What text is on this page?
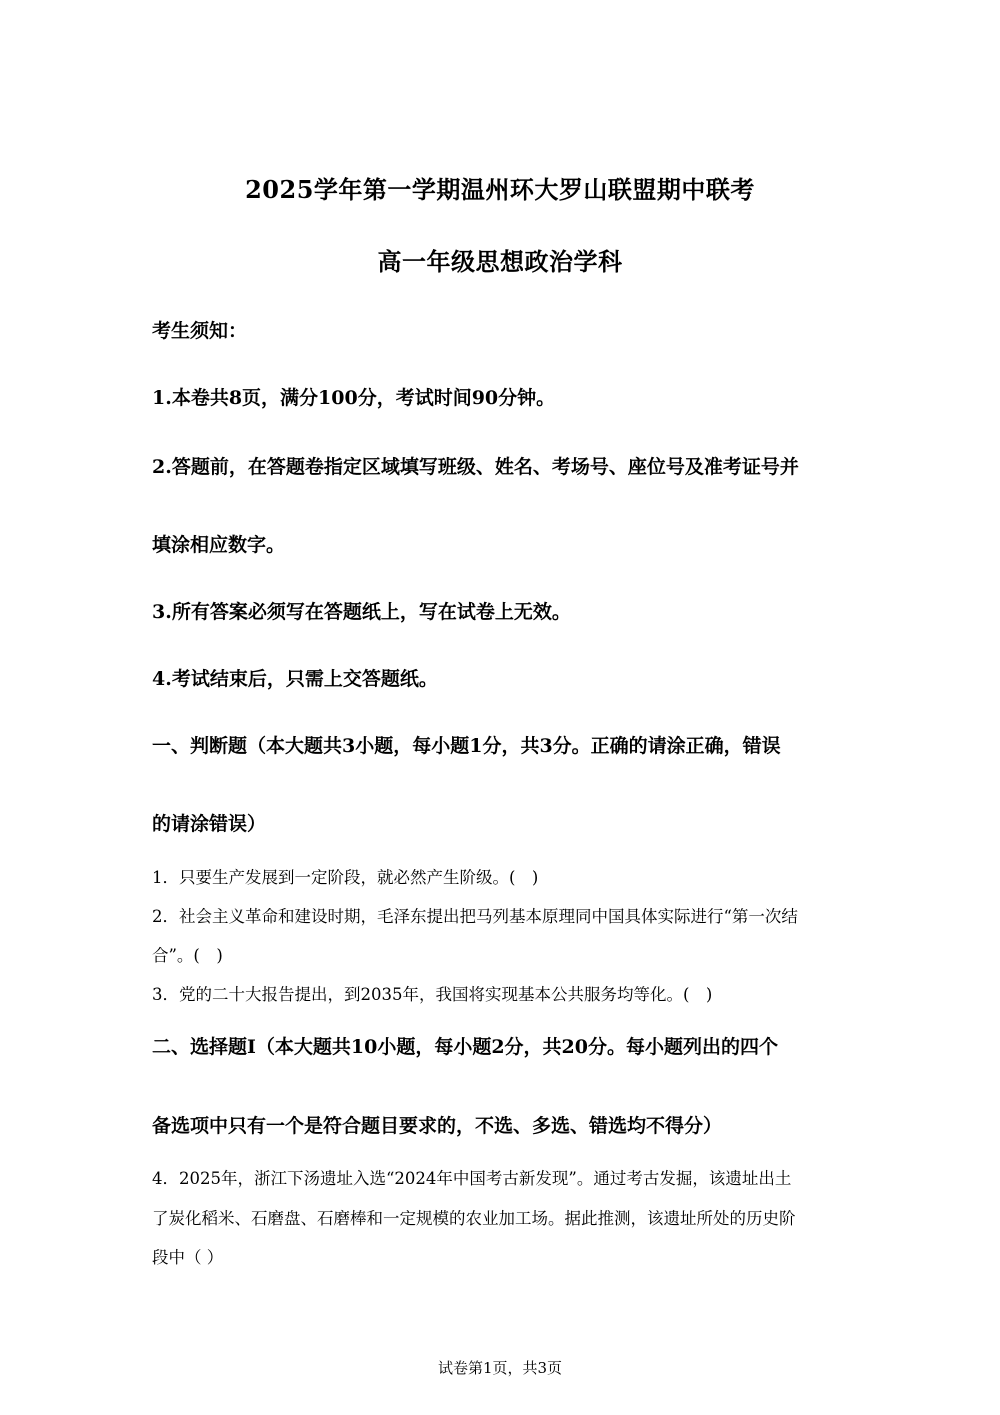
2025学年第一学期温州环大罗山联盟期中联考
高一年级思想政治学科
考生须知：
1.本卷共8页，满分100分，考试时间90分钟。
2.答题前，在答题卷指定区域填写班级、姓名、考场号、座位号及准考证号并
填涂相应数字。
3.所有答案必须写在答题纸上，写在试卷上无效。
4.考试结束后，只需上交答题纸。
一、判断题（本大题共3小题，每小题1分，共3分。正确的请涂正确，错误
的请涂错误）
1．只要生产发展到一定阶段，就必然产生阶级。(　)
2．社会主义革命和建设时期，毛泽东提出把马列基本原理同中国具体实际进行“第一次结
合”。(　)
3．党的二十大报告提出，到2035年，我国将实现基本公共服务均等化。(　)
二、选择题Ⅰ（本大题共10小题，每小题2分，共20分。每小题列出的四个
备选项中只有一个是符合题目要求的，不选、多选、错选均不得分）
4．2025年，浙江下汤遗址入选“2024年中国考古新发现”。通过考古发掘，该遗址出土
了炭化稻米、石磨盘、石磨棒和一定规模的农业加工场。据此推测，该遗址所处的历史阶
段中（ ）
试卷第1页，共3页
